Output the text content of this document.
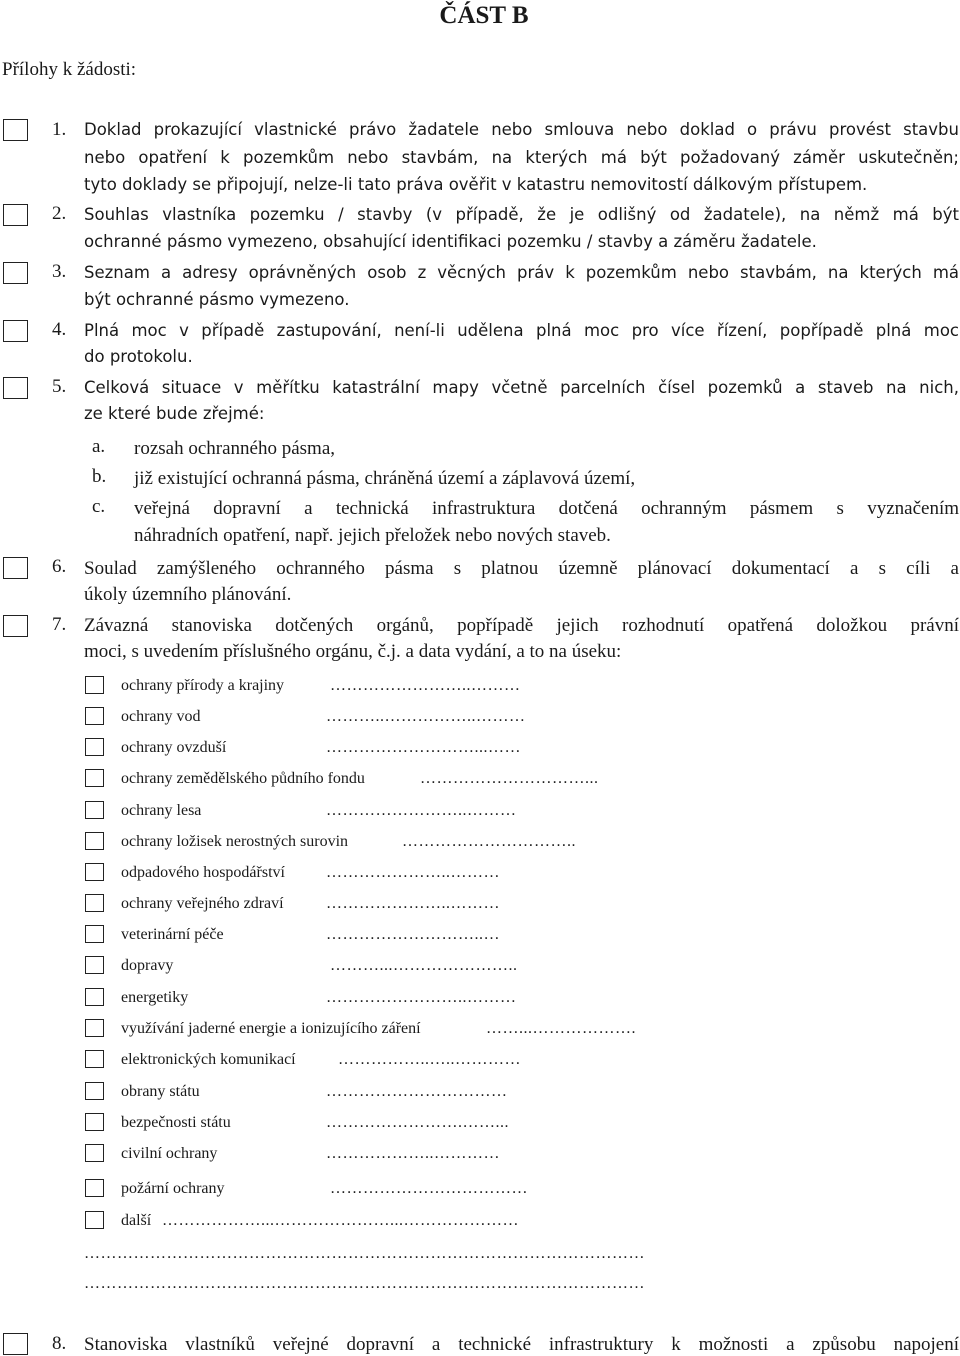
ČÁST B
Přílohy k žádosti:
1. Doklad prokazující vlastnické právo žadatele nebo smlouva nebo doklad o právu provést stavbu
nebo opatření k pozemkům nebo stavbám, na kterých má být požadovaný záměr uskutečněn;
tyto doklady se připojují, nelze-li tato práva ověřit v katastru nemovitostí dálkovým přístupem.
2. Souhlas vlastníka pozemku / stavby (v případě, že je odlišný od žadatele), na němž má být
ochranné pásmo vymezeno, obsahující identifikaci pozemku / stavby a záměru žadatele.
3. Seznam a adresy oprávněných osob z věcných práv k pozemkům nebo stavbám, na kterých má
být ochranné pásmo vymezeno.
4. Plná moc v případě zastupování, není-li udělena plná moc pro více řízení, popřípadě plná moc
do protokolu.
5. Celková situace v měřítku katastrální mapy včetně parcelních čísel pozemků a staveb na nich,
ze které bude zřejmé:
a. rozsah ochranného pásma,
b. již existující ochranná pásma, chráněná území a záplavová území,
c. veřejná dopravní a technická infrastruktura dotčená ochranným pásmem s vyznačením
náhradních opatření, např. jejich přeložek nebo nových staveb.
6. Soulad zamýšleného ochranného pásma s platnou územně plánovací dokumentací a s cíli a
úkoly územního plánování.
7. Závazná stanoviska dotčených orgánů, popřípadě jejich rozhodnutí opatřená doložkou právní
moci, s uvedením příslušného orgánu, č.j. a data vydání, a to na úseku:
ochrany přírody a krajiny	……………………..………
ochrany vod	………..……………..………
ochrany ovzduší	………………………...……
ochrany zemědělského půdního fondu	…………………………...
ochrany lesa	……………………..………
ochrany ložisek nerostných surovin	…………………………..
odpadového hospodářství	…………………..………
ochrany veřejného zdraví	…………………..………
veterinární péče	………………………..…
dopravy	………...…………………..
energetiky	……………………..………
využívání jaderné energie a ionizujícího záření	……...……………….
elektronických komunikací	……………..…..…………
obrany státu	……………………………
bezpečnosti státu	…………………….……...
civilní ochrany	………………..…………
požární ochrany	………………………………
další ………………...…………………...…………………
…………………………………………………………………………………………
…………………………………………………………………………………………
8. Stanoviska vlastníků veřejné dopravní a technické infrastruktury k možnosti a způsobu napojení
